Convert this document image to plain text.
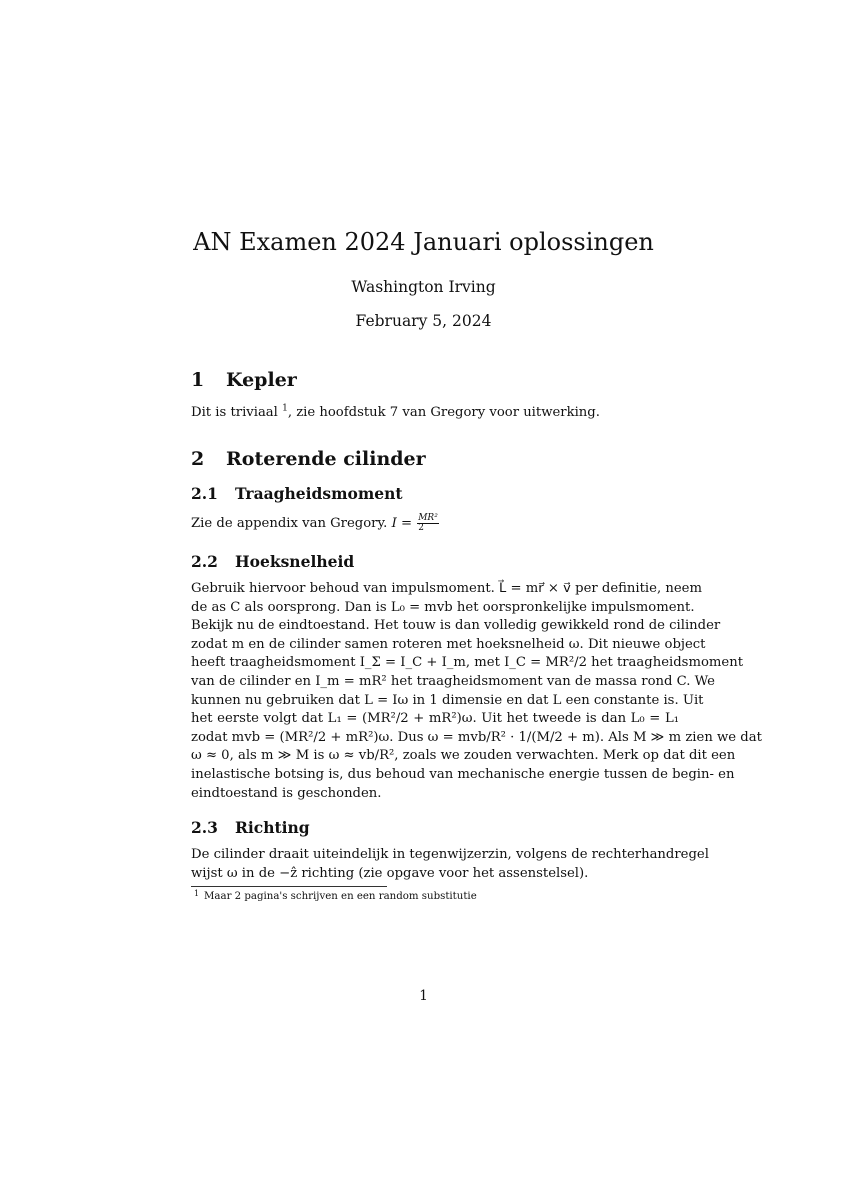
AN Examen 2024 Januari oplossingen
Washington Irving
February 5, 2024
1 Kepler
Dit is triviaal $^1$, zie hoofdstuk 7 van Gregory voor uitwerking.
2 Roterende cilinder
2.1 Traagheidsmoment
Zie de appendix van Gregory. $I = \frac{\text{MR²}}{2}$
2.2 Hoeksnelheid
Gebruik hiervoor behoud van impulsmoment. L⃗ = mr⃗ × v⃗ per definitie, neem
de as C als oorsprong. Dan is L₀ = mvb het oorspronkelijke impulsmoment.
Bekijk nu de eindtoestand. Het touw is dan volledig gewikkeld rond de cilinder
zodat m en de cilinder samen roteren met hoeksnelheid ω. Dit nieuwe object
heeft traagheidsmoment I_Σ = I_C + I_m, met I_C = MR²/2 het traagheidsmoment
van de cilinder en I_m = mR² het traagheidsmoment van de massa rond C. We
kunnen nu gebruiken dat L = Iω in 1 dimensie en dat L een constante is. Uit
het eerste volgt dat L₁ = (MR²/2 + mR²)ω. Uit het tweede is dan L₀ = L₁
zodat mvb = (MR²/2 + mR²)ω. Dus ω = mvb/R² · 1/(M/2 + m). Als M ≫ m zien we dat
ω ≈ 0, als m ≫ M is ω ≈ vb/R², zoals we zouden verwachten. Merk op dat dit een
inelastische botsing is, dus behoud van mechanische energie tussen de begin- en
eindtoestand is geschonden.
2.3 Richting
De cilinder draait uiteindelijk in tegenwijzerzin, volgens de rechterhandregel
wijst ω in de −ẑ richting (zie opgave voor het assenstelsel).
1 Maar 2 pagina's schrijven en een random substitutie
1
